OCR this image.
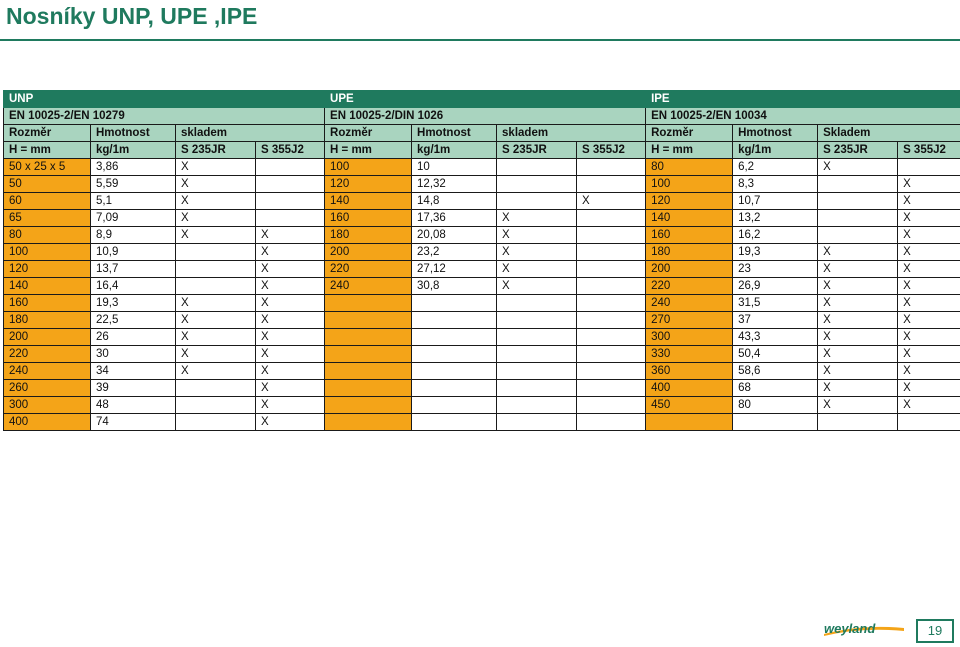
Nosníky UNP, UPE ,IPE
UNP				UPE				IPE			
EN 10025-2/EN 10279				EN 10025-2/DIN 1026				EN 10025-2/EN 10034			
Rozměr	Hmotnost	skladem		Rozměr	Hmotnost	skladem		Rozměr	Hmotnost	Skladem	
H = mm	kg/1m	S 235JR	S 355J2	H = mm	kg/1m	S 235JR	S 355J2	H = mm	kg/1m	S 235JR	S 355J2
50 x 25 x 5	3,86	X		100	10			80	6,2	X	
50	5,59	X		120	12,32			100	8,3		X
60	5,1	X		140	14,8		X	120	10,7		X
65	7,09	X		160	17,36	X		140	13,2		X
80	8,9	X	X	180	20,08	X		160	16,2		X
100	10,9		X	200	23,2	X		180	19,3	X	X
120	13,7		X	220	27,12	X		200	23	X	X
140	16,4		X	240	30,8	X		220	26,9	X	X
160	19,3	X	X					240	31,5	X	X
180	22,5	X	X					270	37	X	X
200	26	X	X					300	43,3	X	X
220	30	X	X					330	50,4	X	X
240	34	X	X					360	58,6	X	X
260	39		X					400	68	X	X
300	48		X					450	80	X	X
400	74		X								
weyland	19
